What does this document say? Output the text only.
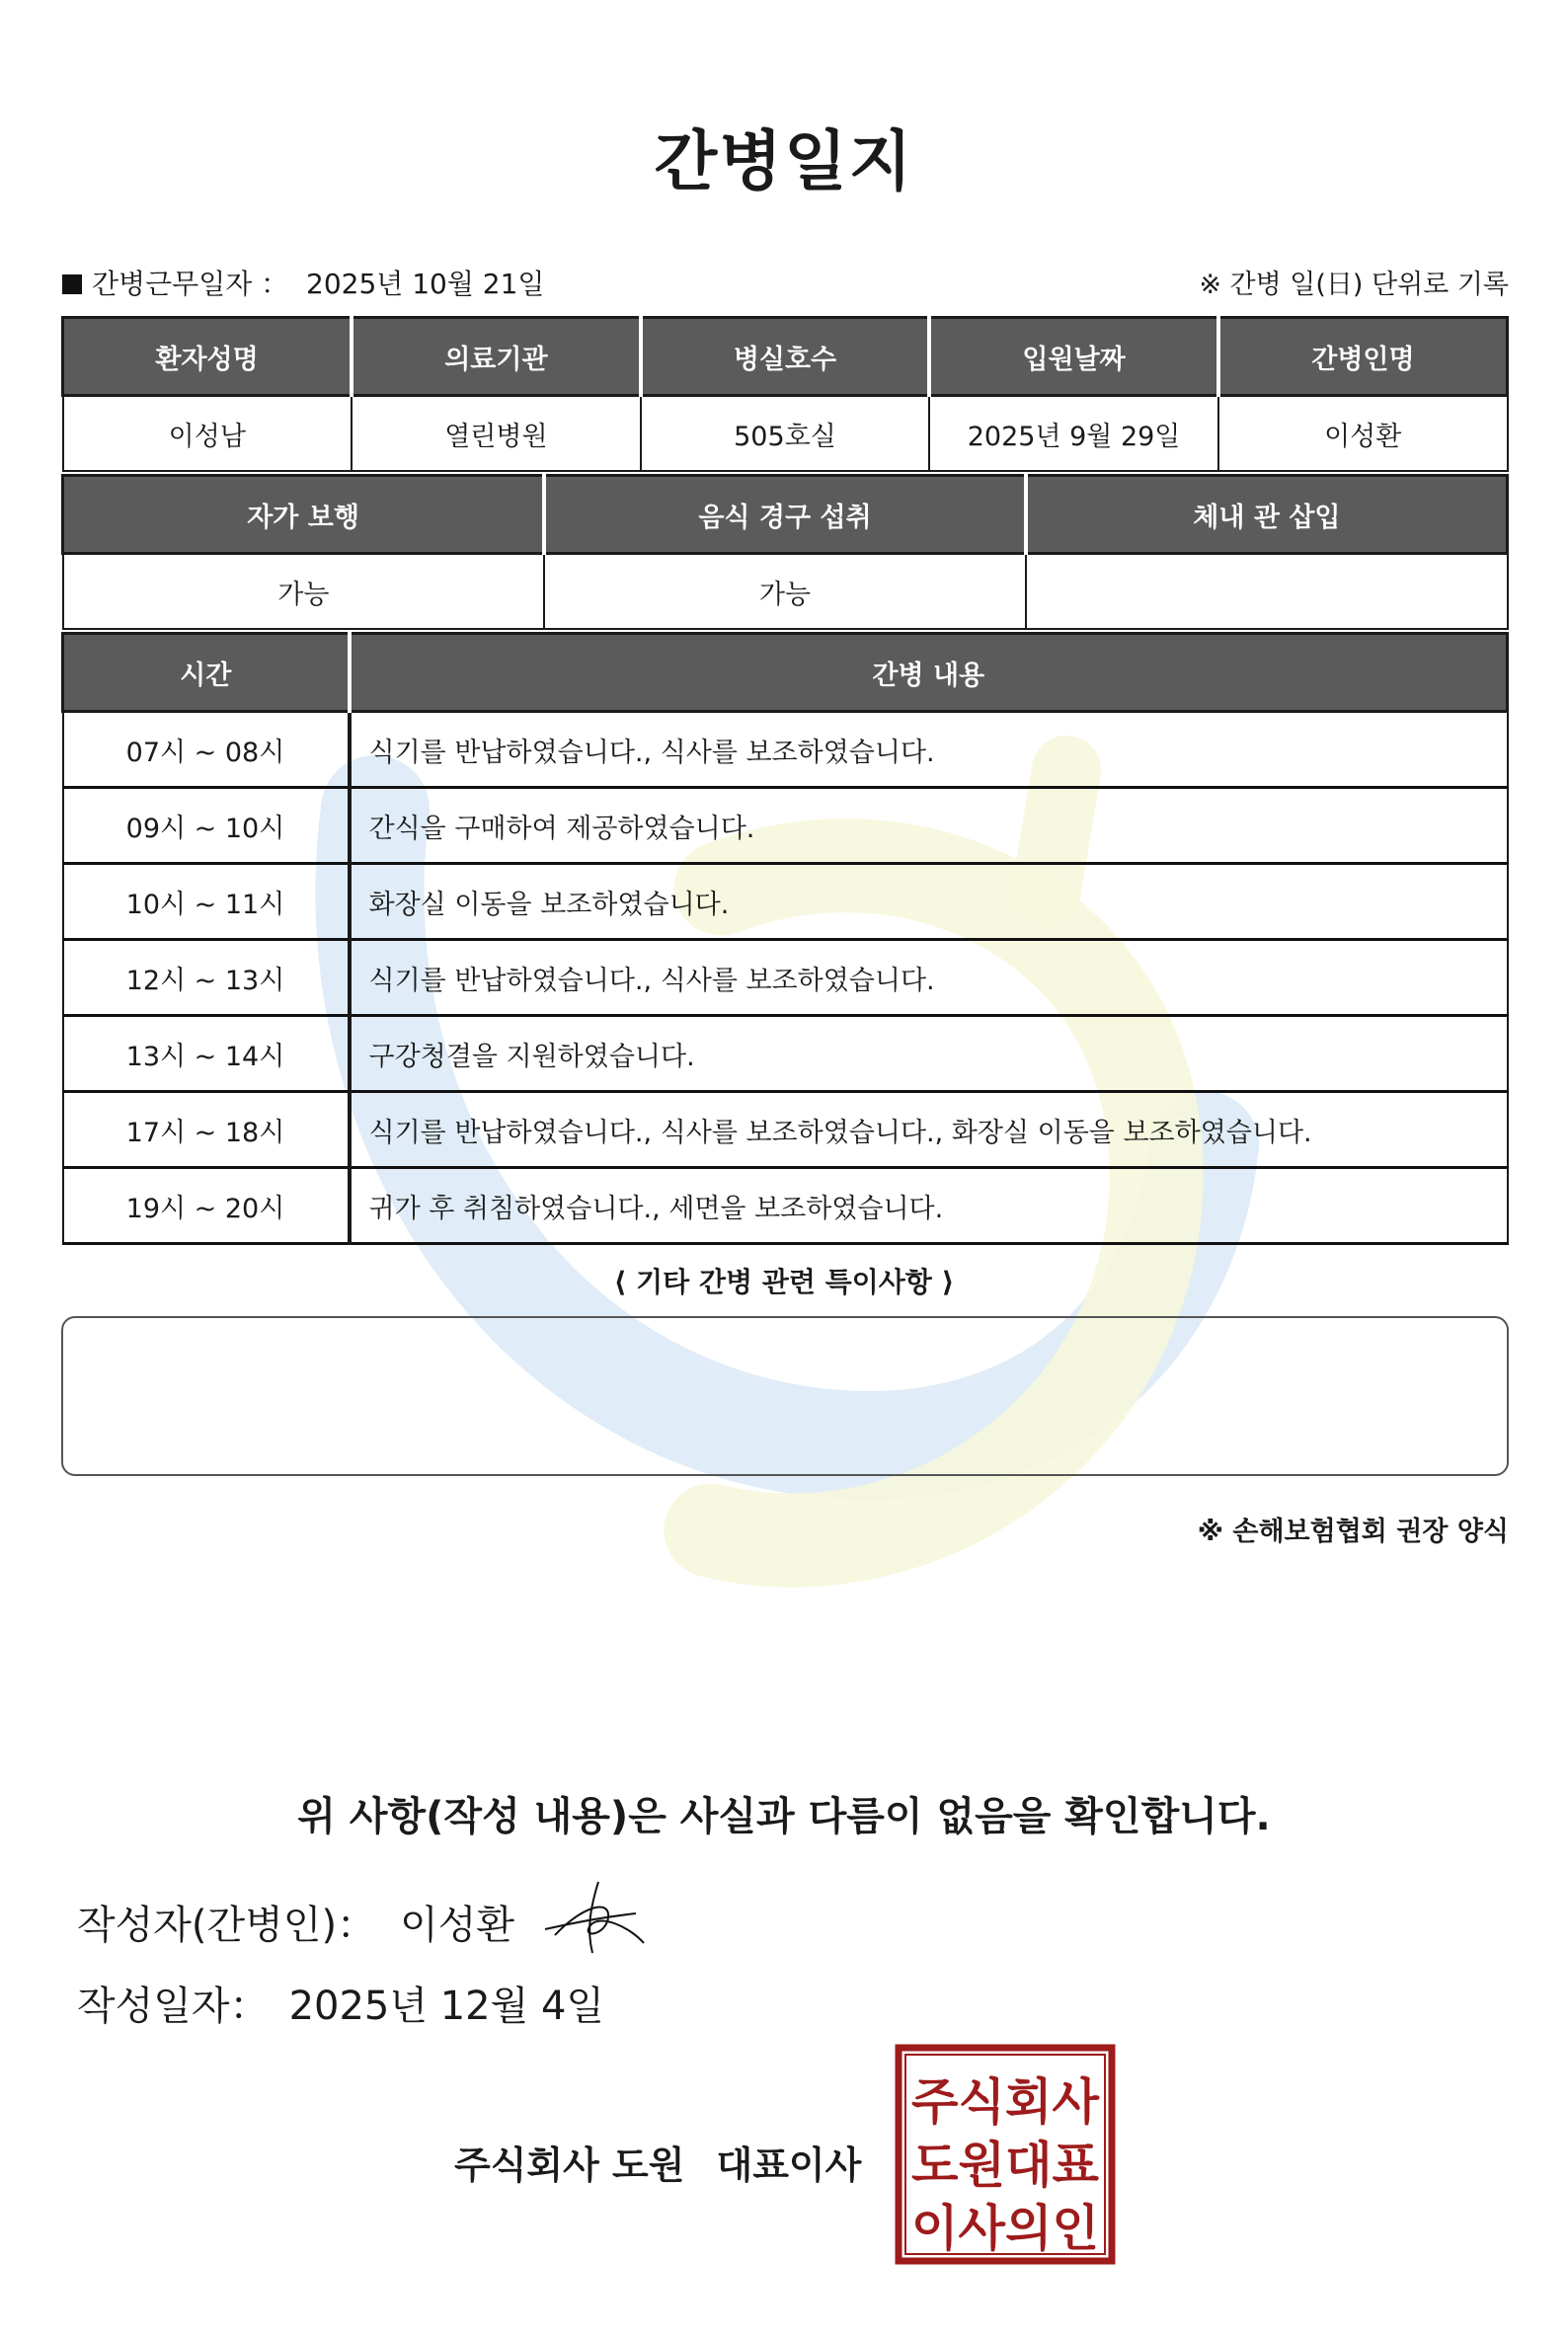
간병일지
간병근무일자 ： 2025년 10월 21일	※ 간병 일(日) 단위로 기록
환자성명	의료기관	병실호수	입원날짜	간병인명
이성남	열린병원	505호실	2025년 9월 29일	이성환
자가 보행	음식 경구 섭취	체내 관 삽입
가능	가능	
시간	간병 내용
07시 ~ 08시	식기를 반납하였습니다., 식사를 보조하였습니다.
09시 ~ 10시	간식을 구매하여 제공하였습니다.
10시 ~ 11시	화장실 이동을 보조하였습니다.
12시 ~ 13시	식기를 반납하였습니다., 식사를 보조하였습니다.
13시 ~ 14시	구강청결을 지원하였습니다.
17시 ~ 18시	식기를 반납하였습니다., 식사를 보조하였습니다., 화장실 이동을 보조하였습니다.
19시 ~ 20시	귀가 후 취침하였습니다., 세면을 보조하였습니다.
⟨ 기타 간병 관련 특이사항 ⟩
※ 손해보험협회 권장 양식
위 사항(작성 내용)은 사실과 다름이 없음을 확인합니다.
작성자(간병인)： 이성환
작성일자： 2025년 12월 4일
주식회사 도원 대표이사
주식회사
도원대표
이사의인
